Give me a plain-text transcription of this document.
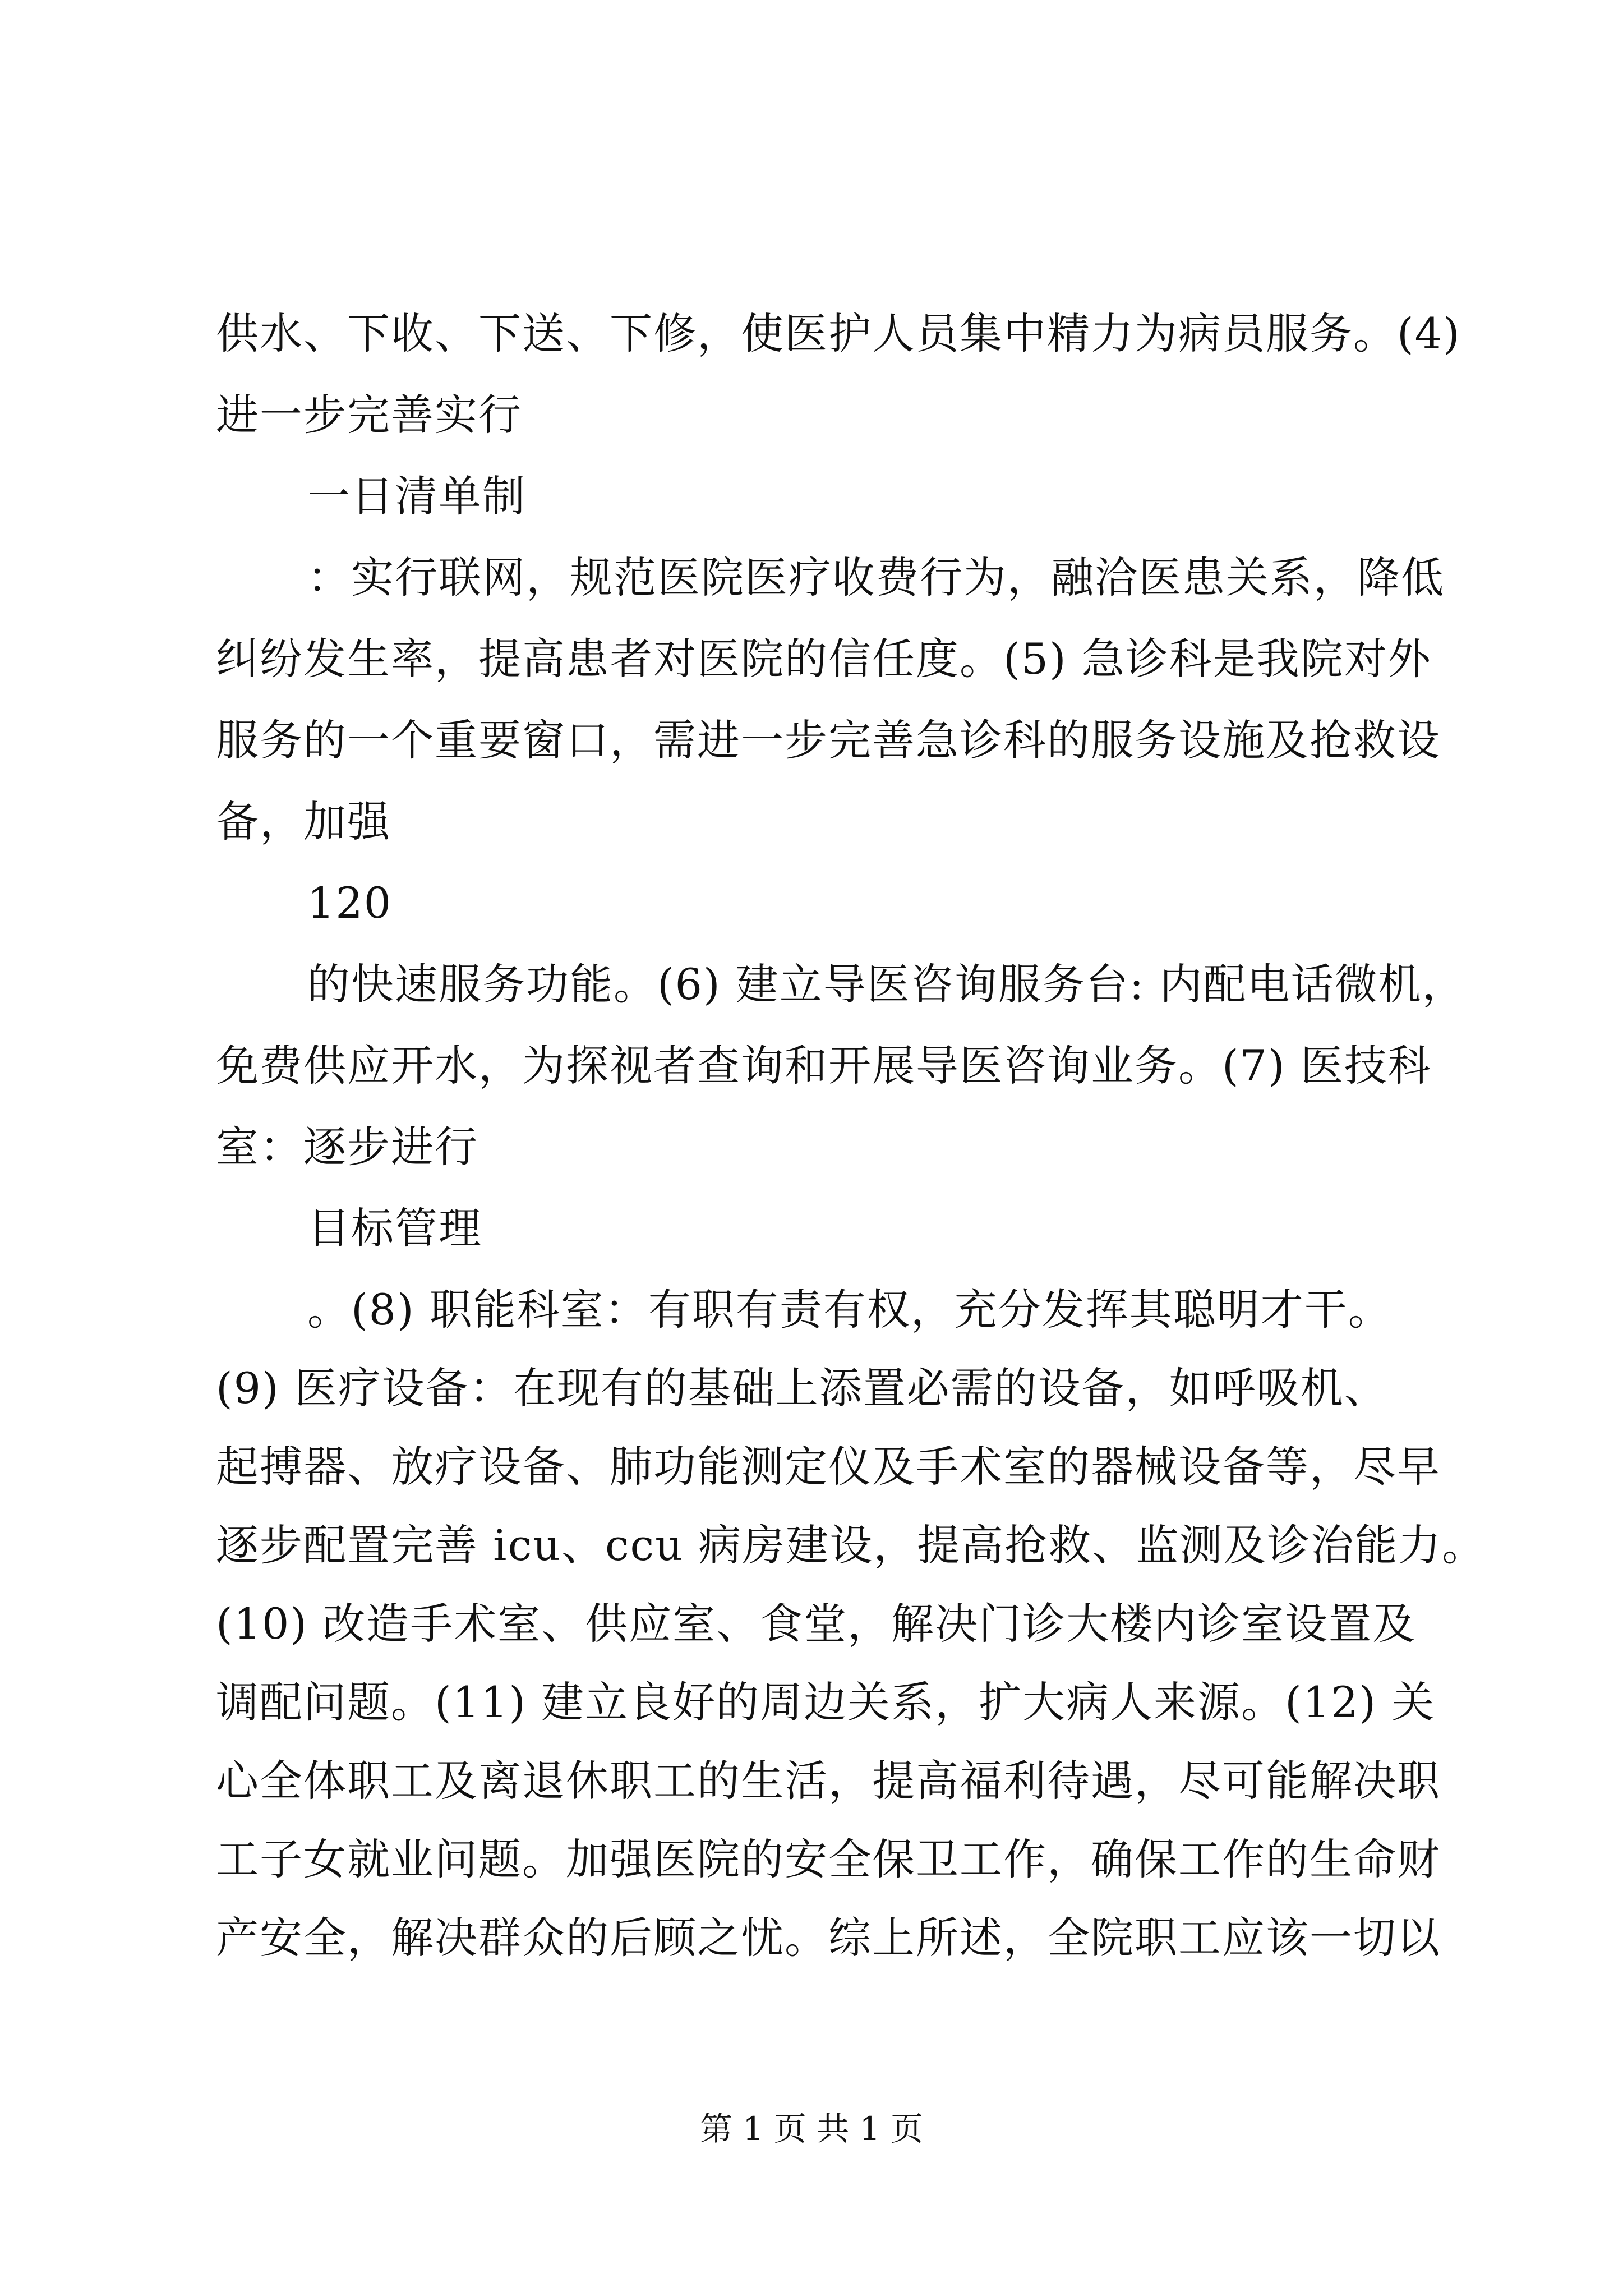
供水、下收、下送、下修，使医护人员集中精力为病员服务。(4)
进一步完善实行
一日清单制
：实行联网，规范医院医疗收费行为，融洽医患关系，降低
纠纷发生率，提高患者对医院的信任度。(5) 急诊科是我院对外
服务的一个重要窗口，需进一步完善急诊科的服务设施及抢救设
备，加强
120
的快速服务功能。(6) 建立导医咨询服务台: 内配电话微机，
免费供应开水，为探视者查询和开展导医咨询业务。(7) 医技科
室：逐步进行
目标管理
。(8) 职能科室：有职有责有权，充分发挥其聪明才干。
(9) 医疗设备：在现有的基础上添置必需的设备，如呼吸机、
起搏器、放疗设备、肺功能测定仪及手术室的器械设备等，尽早
逐步配置完善 icu、ccu 病房建设，提高抢救、监测及诊治能力。
(10) 改造手术室、供应室、食堂，解决门诊大楼内诊室设置及
调配问题。(11) 建立良好的周边关系，扩大病人来源。(12) 关
心全体职工及离退休职工的生活，提高福利待遇，尽可能解决职
工子女就业问题。加强医院的安全保卫工作，确保工作的生命财
产安全，解决群众的后顾之忧。综上所述，全院职工应该一切以
第 1 页 共 1 页
